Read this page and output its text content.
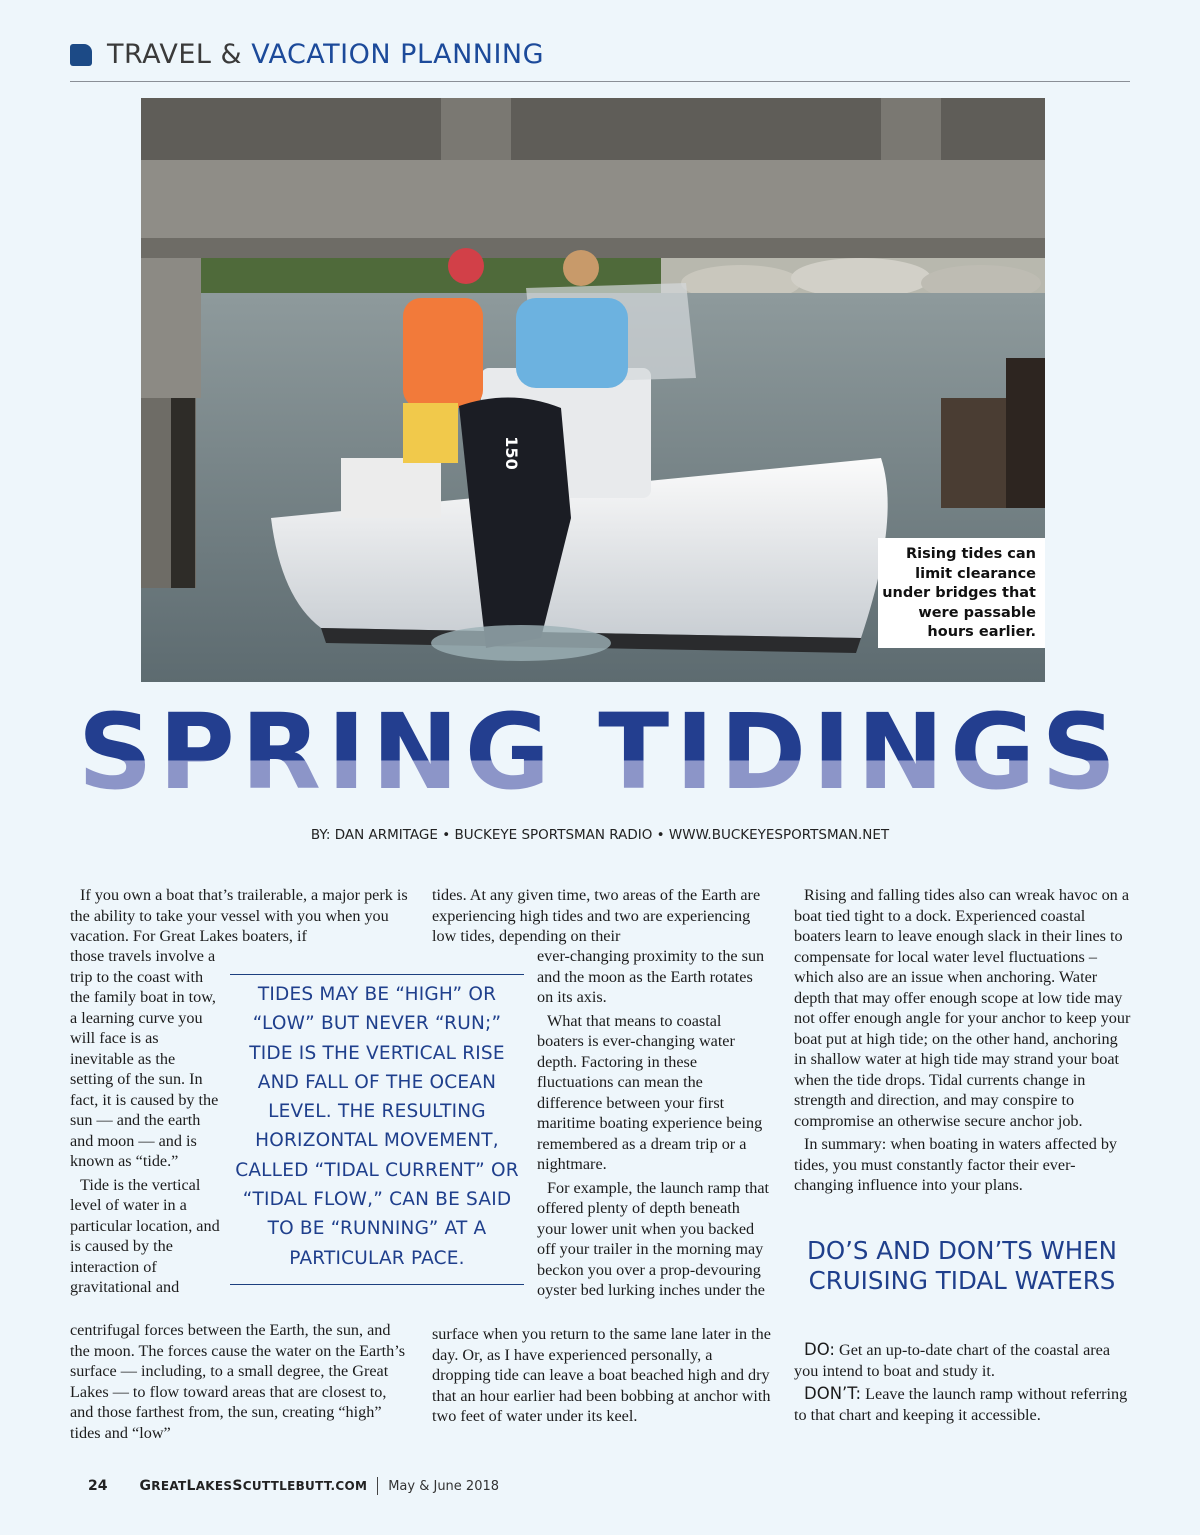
TRAVEL & VACATION PLANNING
150
Rising tides can limit clearance under bridges that were passable hours earlier.
SPRING TIDINGS
BY: DAN ARMITAGE • BUCKEYE SPORTSMAN RADIO • WWW.BUCKEYESPORTSMAN.NET

If you own a boat that’s trailerable, a major perk is the ability to take your vessel with you when you vacation. For Great Lakes boaters, if

those travels involve a trip to the coast with the family boat in tow, a learning curve you will face is as inevitable as the setting of the sun. In fact, it is caused by the sun — and the earth and moon — and is known as “tide.”

Tide is the vertical level of water in a particular location, and is caused by the interaction of gravitational and

centrifugal forces between the Earth, the sun, and the moon. The forces cause the water on the Earth’s surface — including, to a small degree, the Great Lakes — to flow toward areas that are closest to, and those farthest from, the sun, creating “high” tides and “low”

TIDES MAY BE “HIGH” OR “LOW” BUT NEVER “RUN;” TIDE IS THE VERTICAL RISE AND FALL OF THE OCEAN LEVEL. THE RESULTING HORIZONTAL MOVEMENT, CALLED “TIDAL CURRENT” OR “TIDAL FLOW,” CAN BE SAID TO BE “RUNNING” AT A PARTICULAR PACE.

tides. At any given time, two areas of the Earth are experiencing high tides and two are experiencing low tides, depending on their

ever-changing proximity to the sun and the moon as the Earth rotates on its axis.

What that means to coastal boaters is ever-changing water depth. Factoring in these fluctuations can mean the difference between your first maritime boating experience being remembered as a dream trip or a nightmare.

For example, the launch ramp that offered plenty of depth beneath your lower unit when you backed off your trailer in the morning may beckon you over a prop-devouring oyster bed lurking inches under the

surface when you return to the same lane later in the day. Or, as I have experienced personally, a dropping tide can leave a boat beached high and dry that an hour earlier had been bobbing at anchor with two feet of water under its keel.

Rising and falling tides also can wreak havoc on a boat tied tight to a dock. Experienced coastal boaters learn to leave enough slack in their lines to compensate for local water level fluctuations – which also are an issue when anchoring. Water depth that may offer enough scope at low tide may not offer enough angle for your anchor to keep your boat put at high tide; on the other hand, anchoring in shallow water at high tide may strand your boat when the tide drops. Tidal currents change in strength and direction, and may conspire to compromise an otherwise secure anchor job.

In summary: when boating in waters affected by tides, you must constantly factor their ever-changing influence into your plans.

DO’S AND DON’TS WHEN CRUISING TIDAL WATERS

DO: Get an up-to-date chart of the coastal area you intend to boat and study it.

DON’T: Leave the launch ramp without referring to that chart and keeping it accessible.

24 GREATLAKESSCUTTLEBUTT.COM May & June 2018
